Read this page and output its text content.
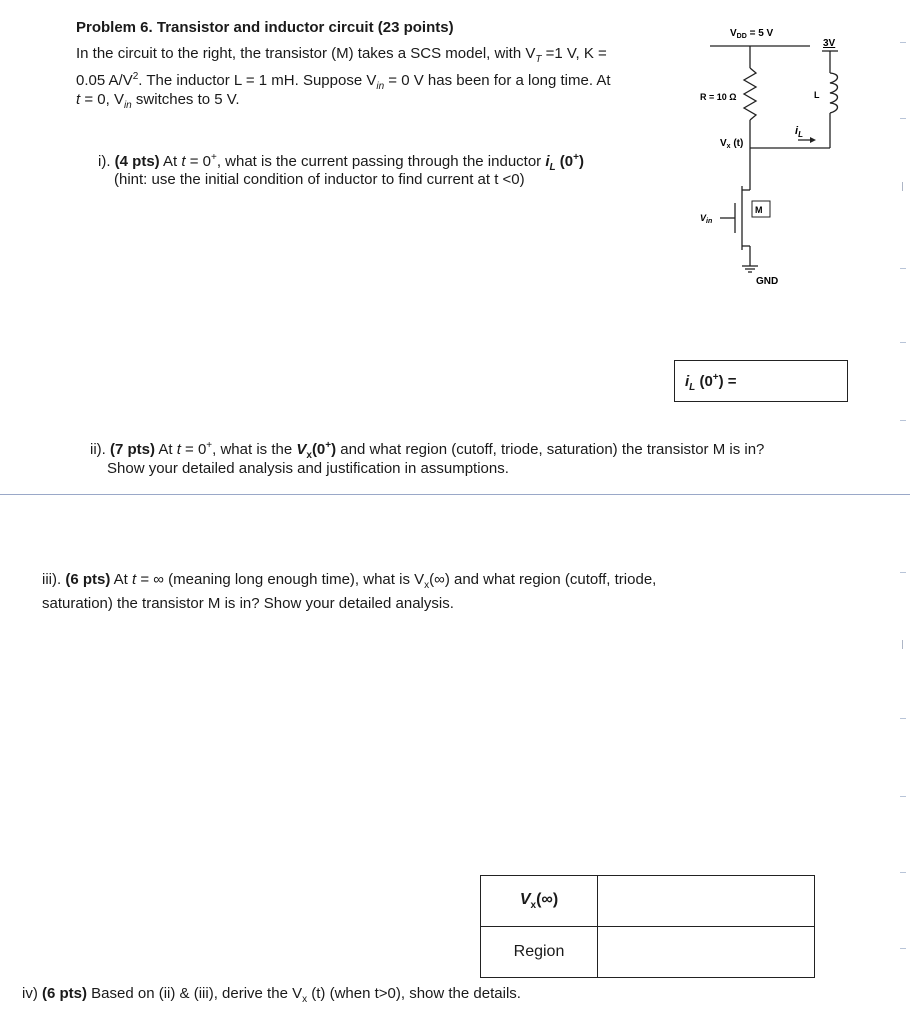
Problem 6. Transistor and inductor circuit (23 points)
In the circuit to the right, the transistor (M) takes a SCS model, with $V_T =1$ V, K =
0.05 $A/V^2$. The inductor L = 1 mH. Suppose $V_{in} = 0$ V has been for a long time. At
t = 0, $V_{in}$ switches to 5 V.
$V_{DD} = 5$ V
3V
R = 10 Ω	L
$i_L$
$V_x$ (t)
$V_{in}$
M
GND
i). (4 pts) At t = 0+, what is the current passing through the inductor $i_L$ (0+)
(hint: use the initial condition of inductor to find current at t <0)
$i_L$ (0+) =
ii). (7 pts) At t = 0+, what is the $V_x(0^+)$ and what region (cutoff, triode, saturation) the transistor M is in?
Show your detailed analysis and justification in assumptions.
iii). (6 pts) At t = ∞ (meaning long enough time), what is $V_x(\infty)$ and what region (cutoff, triode,
saturation) the transistor M is in? Show your detailed analysis.
$V_x(\infty)$	
Region	
iv) (6 pts) Based on (ii) & (iii), derive the $V_x$ (t) (when t>0), show the details.
